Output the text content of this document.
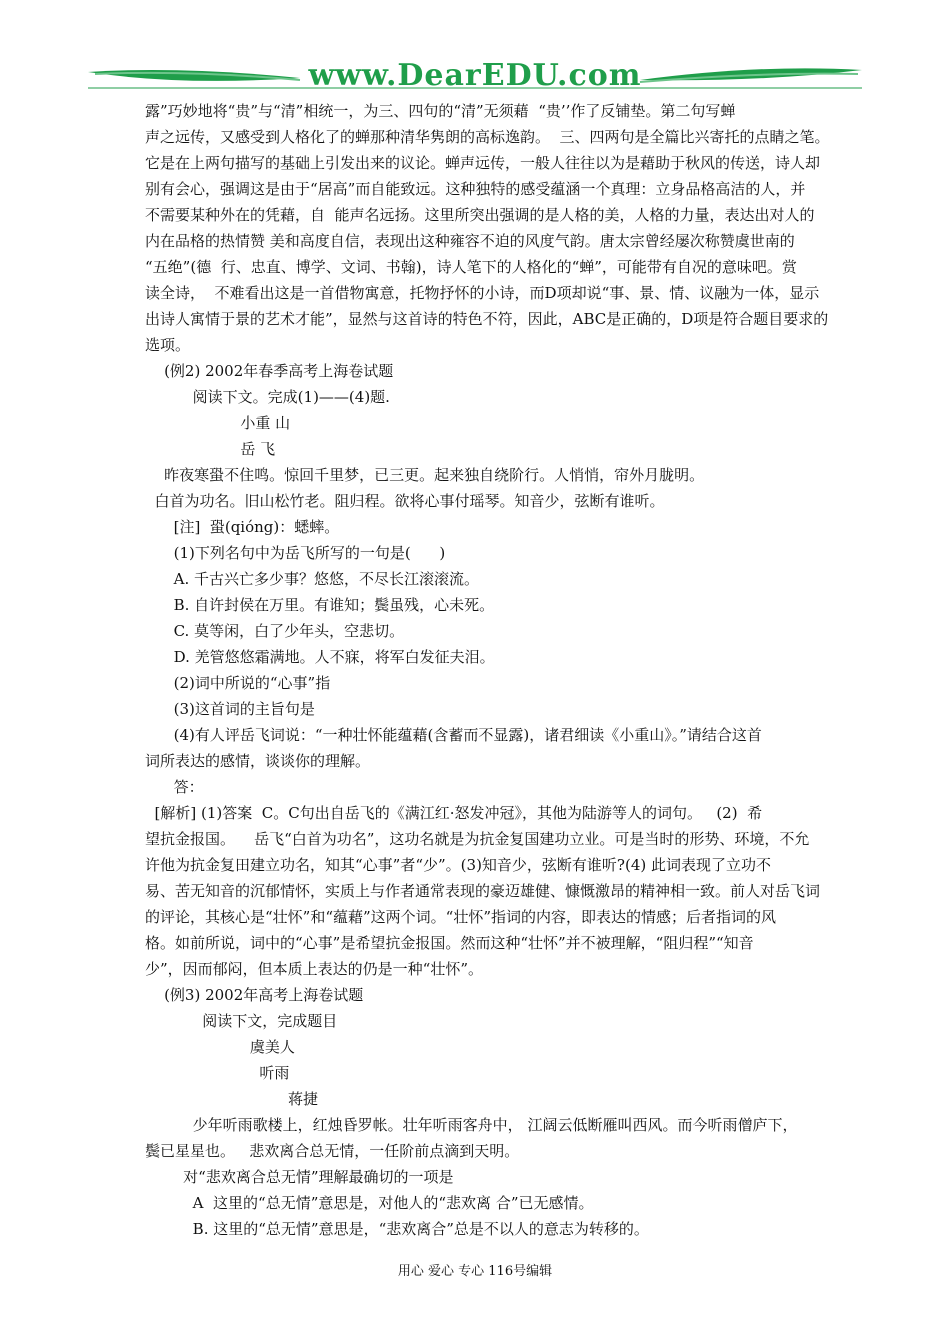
www.DearEDU.com
露”巧妙地将“贵”与“清”相统一，为三、四句的“清”无须藉  “贵’’作了反铺垫。第二句写蝉
声之远传，又感受到人格化了的蝉那种清华隽朗的高标逸韵。  三、四两句是全篇比兴寄托的点睛之笔。
它是在上两句描写的基础上引发出来的议论。蝉声远传，一般人往往以为是藉助于秋风的传送，诗人却
别有会心，强调这是由于“居高”而自能致远。这种独特的感受蕴涵一个真理：立身品格高洁的人，并
不需要某种外在的凭藉，自  能声名远扬。这里所突出强调的是人格的美，人格的力量，表达出对人的
内在品格的热情赞 美和高度自信，表现出这种雍容不迫的风度气韵。唐太宗曾经屡次称赞虞世南的
“五绝”(德  行、忠直、博学、文词、书翰)，诗人笔下的人格化的“蝉”，可能带有自况的意味吧。赏
读全诗，  不难看出这是一首借物寓意，托物抒怀的小诗，而D项却说“事、景、情、议融为一体，显示
出诗人寓情于景的艺术才能”，显然与这首诗的特色不符，因此，ABC是正确的，D项是符合题目要求的
选项。
(例2) 2002年春季高考上海卷试题
阅读下文。完成(1)——(4)题.
小重 山
岳 飞
昨夜寒蛩不住鸣。惊回千里梦，已三更。起来独自绕阶行。人悄悄，帘外月胧明。
白首为功名。旧山松竹老。阻归程。欲将心事付瑶琴。知音少，弦断有谁听。
[注]  蛩(qióng)：蟋蟀。
(1)下列名句中为岳飞所写的一句是(      )
A. 千古兴亡多少事？悠悠，不尽长江滚滚流。
B. 自许封侯在万里。有谁知；鬓虽残，心未死。
C. 莫等闲，白了少年头，空悲切。
D. 羌管悠悠霜满地。人不寐，将军白发征夫泪。
(2)词中所说的“心事”指
(3)这首词的主旨句是
(4)有人评岳飞词说：“一种壮怀能蕴藉(含蓄而不显露)，诸君细读《小重山》。”请结合这首
词所表达的感情，谈谈你的理解。
答：
[解析] (1)答案  C。C句出自岳飞的《满江红·怒发冲冠》，其他为陆游等人的词句。   (2)  希
望抗金报国。    岳飞“白首为功名”，这功名就是为抗金复国建功立业。可是当时的形势、环境，不允
许他为抗金复田建立功名，知其“心事”者“少”。(3)知音少，弦断有谁听?(4) 此词表现了立功不
易、苦无知音的沉郁情怀，实质上与作者通常表现的豪迈雄健、慷慨激昂的精神相一致。前人对岳飞词
的评论，其核心是“壮怀”和“蕴藉”这两个词。“壮怀”指词的内容，即表达的情感；后者指词的风
格。如前所说，词中的“心事”是希望抗金报国。然而这种“壮怀”并不被理解，“阻归程”“知音
少”，因而郁闷，但本质上表达的仍是一种“壮怀”。
(例3) 2002年高考上海卷试题
阅读下文，完成题目
虞美人
听雨
蒋捷
少年听雨歌楼上，红烛昏罗帐。壮年听雨客舟中， 江阔云低断雁叫西风。而今听雨僧庐下，
鬓已星星也。   悲欢离合总无情，一任阶前点滴到天明。
对“悲欢离合总无情”理解最确切的一项是
A  这里的“总无情”意思是，对他人的“悲欢离 合”已无感情。
B. 这里的“总无情”意思是，“悲欢离合”总是不以人的意志为转移的。
用心 爱心 专心 116号编辑
